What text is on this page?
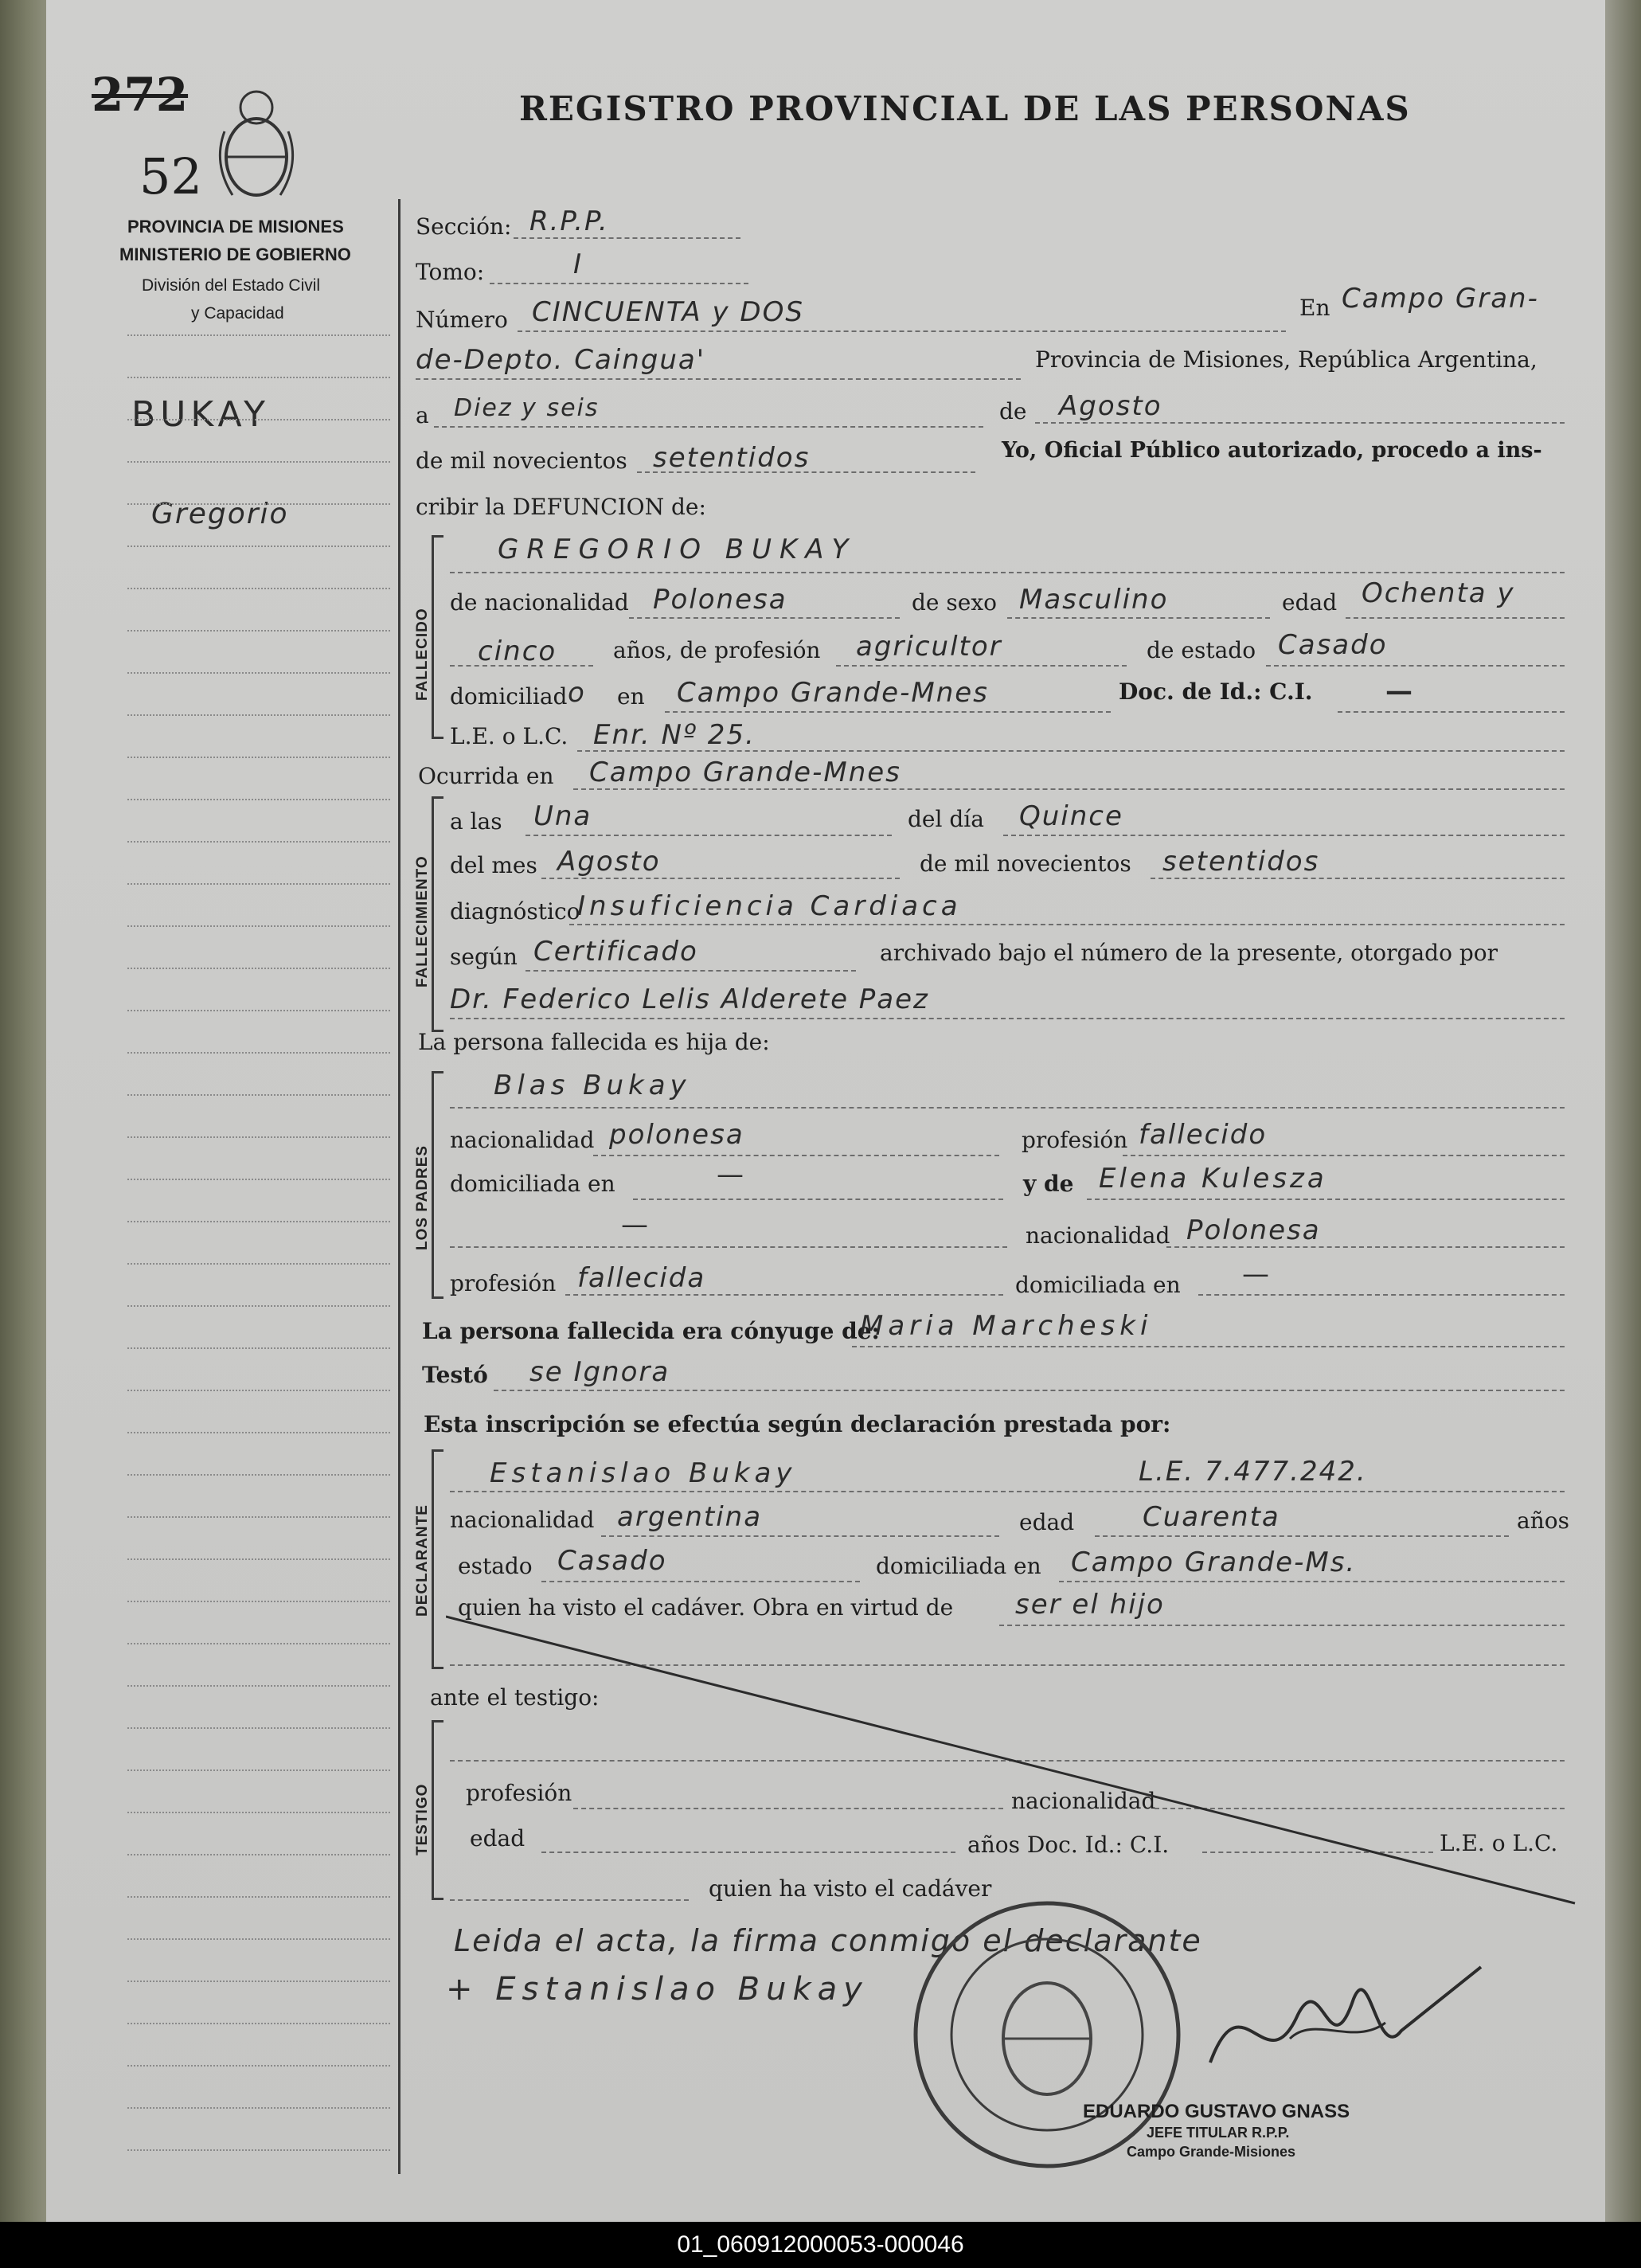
272
52
REGISTRO PROVINCIAL DE LAS PERSONAS
PROVINCIA DE MISIONES
MINISTERIO DE GOBIERNO
División del Estado Civil
y Capacidad
BUKAY
Gregorio
Sección: R.P.P.
Tomo:	I
Número CINCUENTA y DOS	En Campo Gran-
de-Depto. Caingua'	Provincia de Misiones, República Argentina,
a Diez y seis	de Agosto
de mil novecientos setentidos	Yo, Oficial Público autorizado, procedo a ins-
cribir la DEFUNCION de:
FALLECIDO
GREGORIO BUKAY
de nacionalidad Polonesa	de sexo Masculino	edad Ochenta y
cinco	años, de profesión agricultor	de estado Casado
domiciliad o en Campo Grande-Mnes	Doc. de Id.: C.I.	—
L.E. o L.C. Enr. Nº 25.
Ocurrida en Campo Grande-Mnes
FALLECIMIENTO
a las Una	del día Quince
del mes Agosto	de mil novecientos setentidos
diagnóstico
Insuficiencia Cardiaca
según Certificado	archivado bajo el número de la presente, otorgado por
Dr. Federico Lelis Alderete Paez
La persona fallecida es hija de:
LOS PADRES
Blas Bukay
nacionalidad polonesa	profesión fallecido
domiciliada en	—	y de Elena Kulesza
—	nacionalidad Polonesa
profesión fallecida	domiciliada en —
La persona fallecida era cónyuge de:
Maria Marcheski
Testó se Ignora
Esta inscripción se efectúa según declaración prestada por:
DECLARANTE
Estanislao Bukay	L.E. 7.477.242.
nacionalidad argentina	edad	Cuarenta	años
estado Casado	domiciliada en Campo Grande-Ms.
quien ha visto el cadáver. Obra en virtud de ser el hijo
ante el testigo:
TESTIGO profesión	nacionalidad
edad	años Doc. Id.: C.I.	L.E. o L.C.
quien ha visto el cadáver
Leida el acta, la firma conmigo el declarante
+ Estanislao Bukay
EDUARDO GUSTAVO GNASS
JEFE TITULAR R.P.P.
Campo Grande-Misiones
01_060912000053-000046
